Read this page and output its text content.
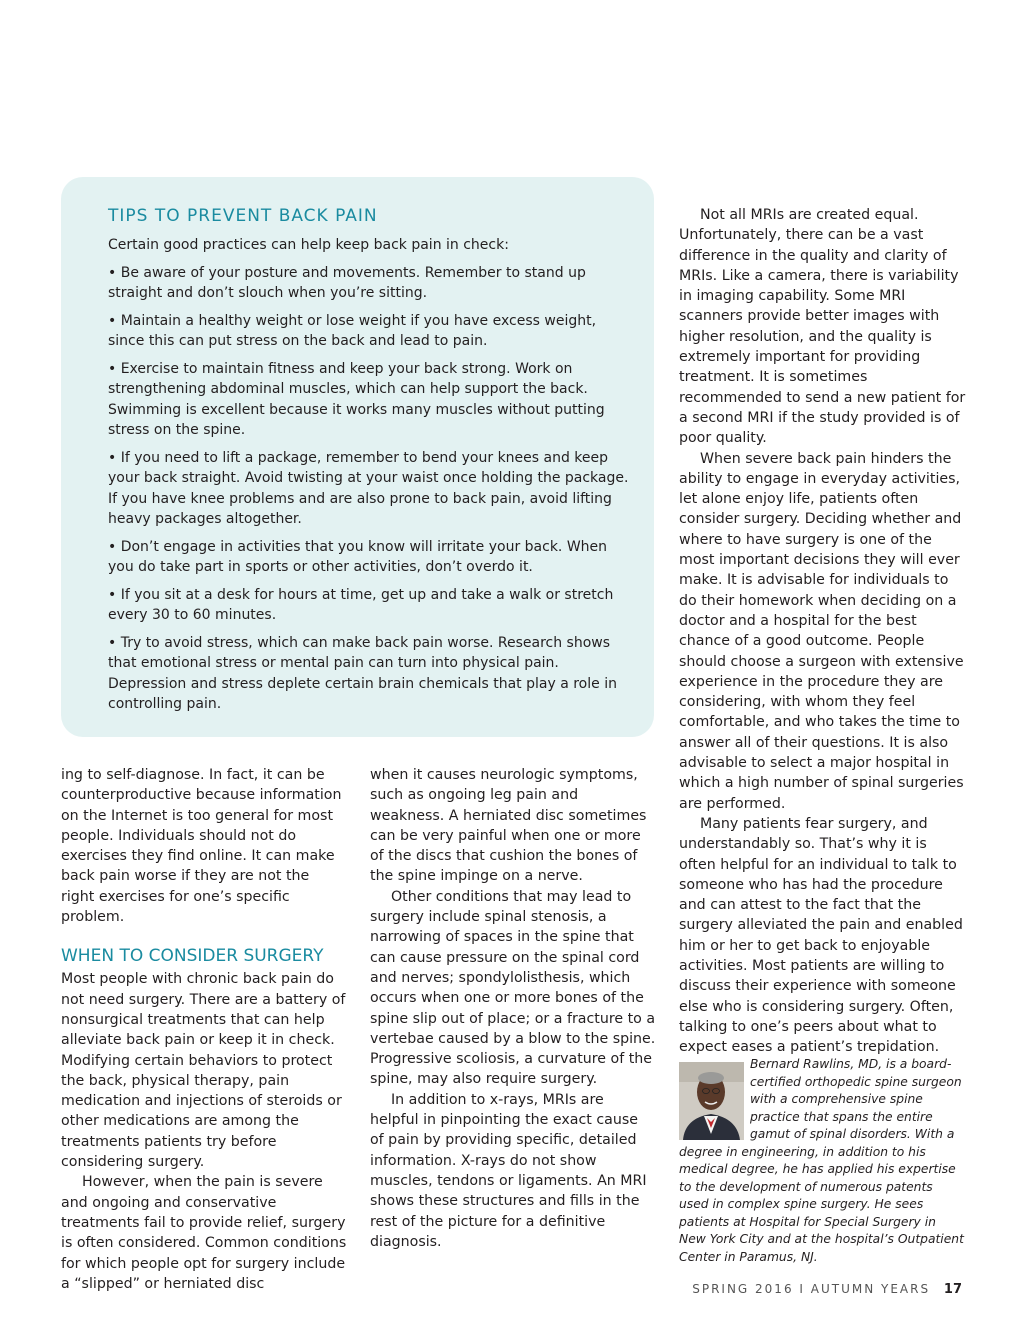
TIPS TO PREVENT BACK PAIN

Certain good practices can help keep back pain in check:

• Be aware of your posture and movements. Remember to stand up straight and don’t slouch when you’re sitting.

• Maintain a healthy weight or lose weight if you have excess weight, since this can put stress on the back and lead to pain.

• Exercise to maintain fitness and keep your back strong. Work on strengthening abdominal muscles, which can help support the back. Swimming is excellent because it works many muscles without putting stress on the spine.

• If you need to lift a package, remember to bend your knees and keep your back straight. Avoid twisting at your waist once holding the package. If you have knee problems and are also prone to back pain, avoid lifting heavy packages altogether.

• Don’t engage in activities that you know will irritate your back. When you do take part in sports or other activities, don’t overdo it.

• If you sit at a desk for hours at time, get up and take a walk or stretch every 30 to 60 minutes.

• Try to avoid stress, which can make back pain worse. Research shows that emotional stress or mental pain can turn into physical pain. Depression and stress deplete certain brain chemicals that play a role in controlling pain.

ing to self-diagnose. In fact, it can be counterproductive because information on the Internet is too general for most people. Individuals should not do exercises they find online. It can make back pain worse if they are not the right exercises for one’s specific problem.

WHEN TO CONSIDER SURGERY

Most people with chronic back pain do not need surgery. There are a battery of nonsurgical treatments that can help alleviate back pain or keep it in check. Modifying certain behaviors to protect the back, physical therapy, pain medication and injections of steroids or other medications are among the treatments patients try before considering surgery.

However, when the pain is severe and ongoing and conservative treatments fail to provide relief, surgery is often considered. Common conditions for which people opt for surgery include a “slipped” or herniated disc

when it causes neurologic symptoms, such as ongoing leg pain and weakness. A herniated disc sometimes can be very painful when one or more of the discs that cushion the bones of the spine impinge on a nerve.

Other conditions that may lead to surgery include spinal stenosis, a narrowing of spaces in the spine that can cause pressure on the spinal cord and nerves; spondylolisthesis, which occurs when one or more bones of the spine slip out of place; or a fracture to a vertebae caused by a blow to the spine. Progressive scoliosis, a curvature of the spine, may also require surgery.

In addition to x-rays, MRIs are helpful in pinpointing the exact cause of pain by providing specific, detailed information. X-rays do not show muscles, tendons or ligaments. An MRI shows these structures and fills in the rest of the picture for a definitive diagnosis.

Not all MRIs are created equal. Unfortunately, there can be a vast difference in the quality and clarity of MRIs. Like a camera, there is variability in imaging capability. Some MRI scanners provide better images with higher resolution, and the quality is extremely important for providing treatment. It is sometimes recommended to send a new patient for a second MRI if the study provided is of poor quality.

When severe back pain hinders the ability to engage in everyday activities, let alone enjoy life, patients often consider surgery. Deciding whether and where to have surgery is one of the most important decisions they will ever make. It is advisable for individuals to do their homework when deciding on a doctor and a hospital for the best chance of a good outcome. People should choose a surgeon with extensive experience in the procedure they are considering, with whom they feel comfortable, and who takes the time to answer all of their questions. It is also advisable to select a major hospital in which a high number of spinal surgeries are performed.

Many patients fear surgery, and understandably so. That’s why it is often helpful for an individual to talk to someone who has had the procedure and can attest to the fact that the surgery alleviated the pain and enabled him or her to get back to enjoyable activities. Most patients are willing to discuss their experience with someone else who is considering surgery. Often, talking to one’s peers about what to expect eases a patient’s trepidation.

Bernard Rawlins, MD, is a board-certified orthopedic spine surgeon with a comprehensive spine practice that spans the entire gamut of spinal disorders. With a degree in engineering, in addition to his medical degree, he has applied his expertise to the development of numerous patents used in complex spine surgery. He sees patients at Hospital for Special Surgery in New York City and at the hospital’s Outpatient Center in Paramus, NJ.
SPRING 2016 I AUTUMN YEARS 17
